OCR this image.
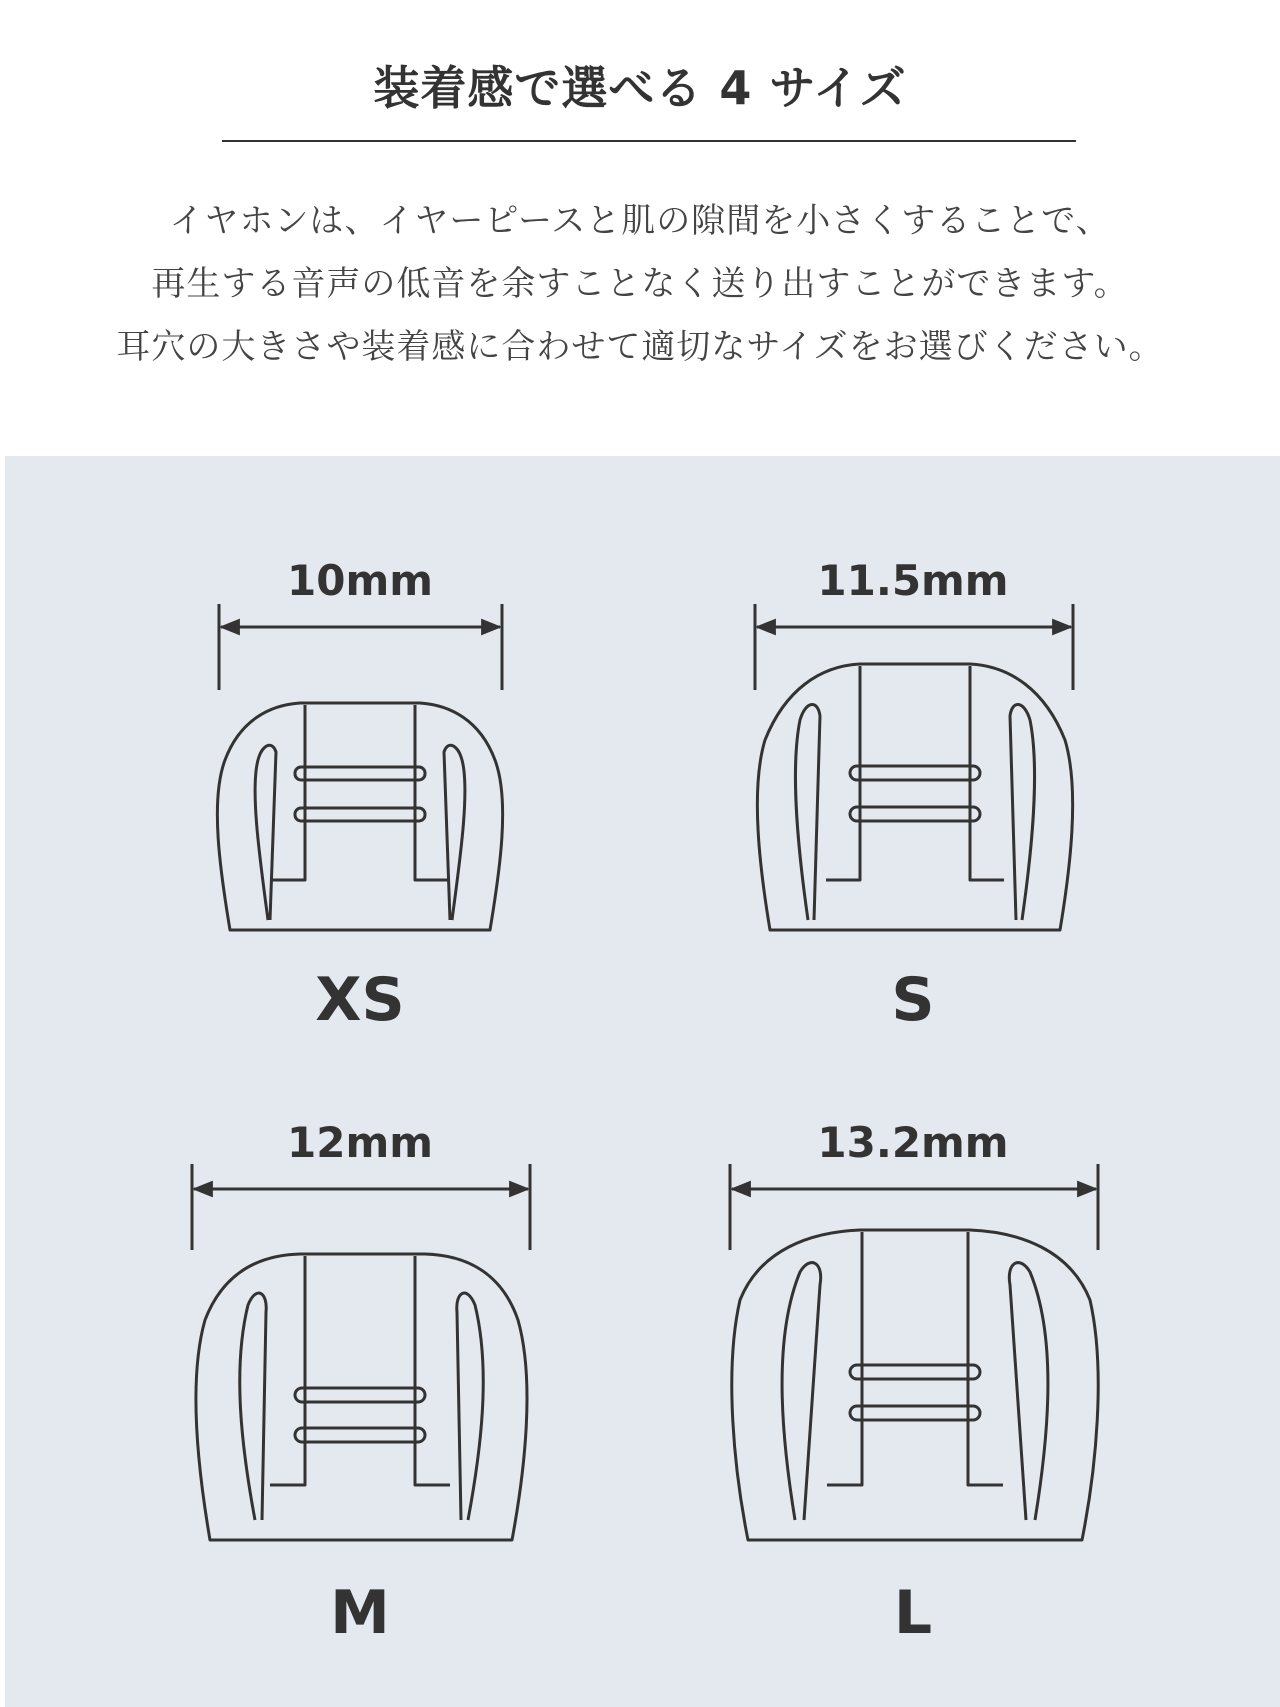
装着感で選べる 4 サイズ
イヤホンは、イヤーピースと肌の隙間を小さくすることで、
再生する音声の低音を余すことなく送り出すことができます。
耳穴の大きさや装着感に合わせて適切なサイズをお選びください。
10mm	11.5mm
12mm	13.2mm
XS	S
M	L
